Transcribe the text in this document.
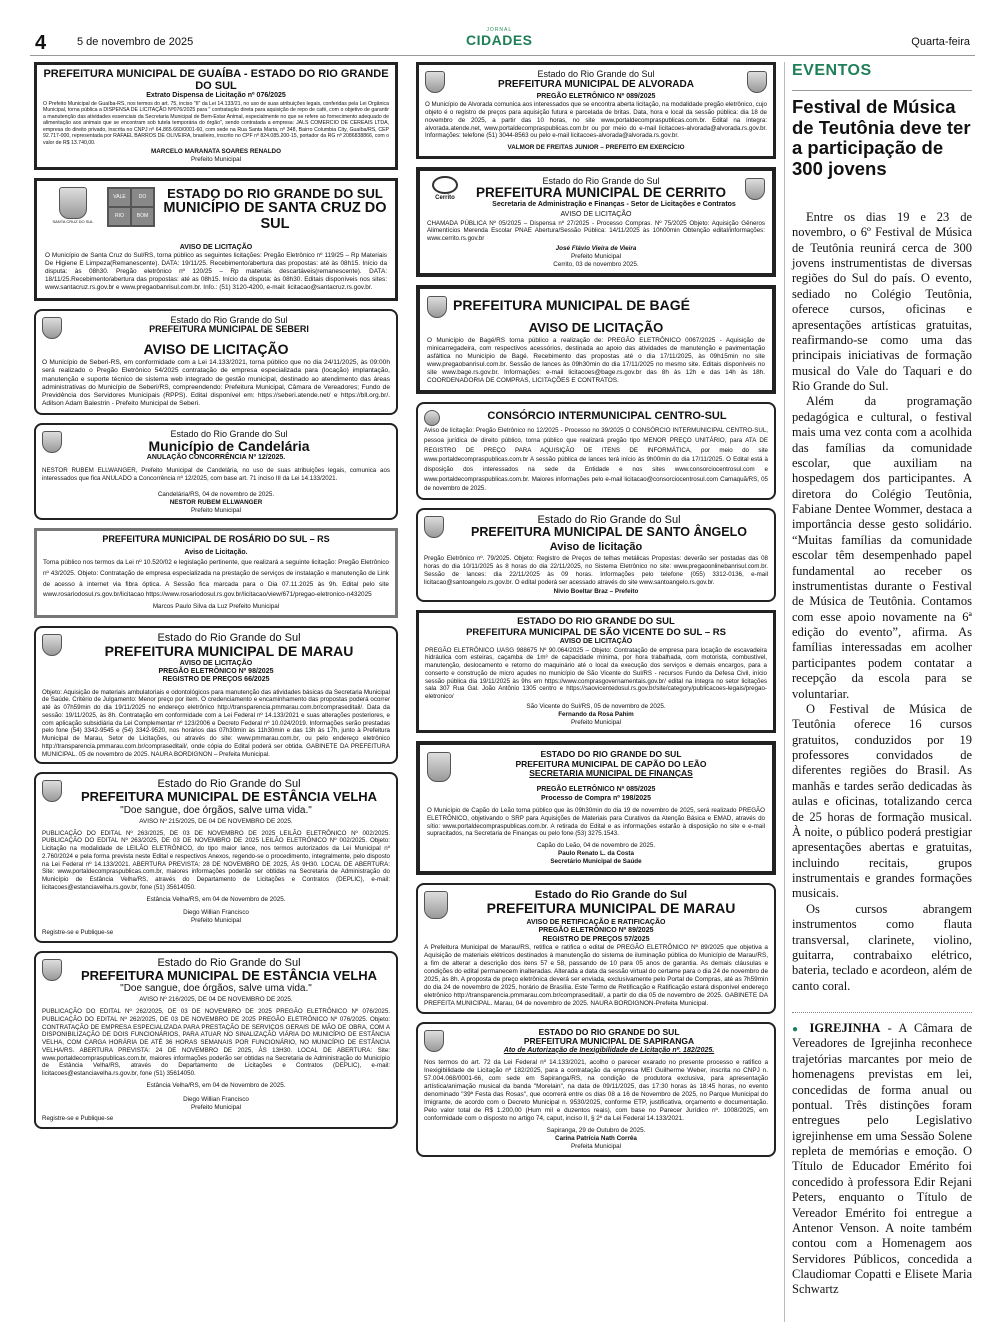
4	5 de novembro de 2025
JORNAL
CIDADES	Quarta-feira
PREFEITURA MUNICIPAL DE GUAÍBA - ESTADO DO RIO GRANDE DO SUL
Extrato Dispensa de Licitação nº 076/2025
O Prefeito Municipal de Guaíba-RS, nos termos do art. 75, inciso "II" da Lei 14.133/21, no uso de suas atribuições legais, conferidas pela Lei Orgânica Municipal, torna pública a DISPENSA DE LICITAÇÃO Nº076/2025 para " contratação direta para aquisição de repo de café, com o objetivo de garantir a manutenção das atividades essenciais da Secretaria Municipal de Bem-Estar Animal, especialmente no que se refere ao fornecimento adequado de alimentação aos animais que se encontram sob tutela temporária do órgão", sendo contratada a empresa: JALS COMERCIO DE CEREAIS LTDA, empresa do direito privado, inscrita no CNPJ nº 64.865.660/0001-60, com sede na Rua Santa Marta, nº 348, Bairro Columbia City, Guaíba/RS, CEP 92.717-000, representada por RAFAEL BARROS DE OLIVEIRA, brasileiro, inscrito no CPF nº 824.085.200-15, portador da RG nº 2086838866, com o valor de R$ 13.740,00.
MARCELO MARANATA SOARES RENALDO
Prefeito Municipal
SANTA CRUZ DO SUL
VALE	DO
RIO	BOM
ESTADO DO RIO GRANDE DO SUL
MUNICÍPIO DE SANTA CRUZ DO SUL
AVISO DE LICITAÇÃO
O Município de Santa Cruz do Sul/RS, torna público as seguintes licitações: Pregão Eletrônico nº 119/25 – Rp Materiais De Higiene E Limpeza(Remanescente). DATA: 19/11/25. Recebimento/abertura das propostas: até às 08h15. Início da disputa: às 08h30. Pregão eletrônico nº 120/25 – Rp materiais descartáveis(remanescente). DATA: 18/11/25.Recebimento/abertura das propostas: até as 08h15. Início da disputa: às 08h30. Editais disponíveis nos sites: www.santacruz.rs.gov.br e www.pregaobanrisul.com.br. Info.: (51) 3120-4200, e-mail: licitacao@santacruz.rs.gov.br.
Estado do Rio Grande do Sul
PREFEITURA MUNICIPAL DE SEBERI
AVISO DE LICITAÇÃO
O Município de Seberi-RS, em conformidade com a Lei 14.133/2021, torna público que no dia 24/11/2025, às 09:00h será realizado o Pregão Eletrônico 54/2025 contratação de empresa especializada para (locação) implantação, manutenção e suporte técnico de sistema web integrado de gestão municipal, destinado ao atendimento das áreas administrativas do Município de Seberi/RS, compreendendo: Prefeitura Municipal, Câmara de Vereadores; Fundo de Previdência dos Servidores Municipais (RPPS). Edital disponível em: https://seberi.atende.net/ e https://bll.org.br/. Adilson Adam Balestrin - Prefeito Municipal de Seberi.
Estado do Rio Grande do Sul
Município de Candelária
ANULAÇÃO CONCORRÊNCIA Nº 12/2025.
NESTOR RUBEM ELLWANGER, Prefeito Municipal de Candelária, no uso de suas atribuições legais, comunica aos interessados que fica ANULADO a Concorrência nº 12/2025, com base art. 71 inciso III da Lei 14.133/2021.
Candelária/RS, 04 de novembro de 2025.
NESTOR RUBEM ELLWANGER
Prefeito Municipal
PREFEITURA MUNICIPAL DE ROSÁRIO DO SUL – RS
Aviso de Licitação.
Torna público nos termos da Lei nº 10.520/02 e legislação pertinente, que realizará a seguinte licitação: Pregão Eletrônico nº 43/2025. Objeto: Contratação de empresa especializada na prestação de serviços de instalação e manutenção de Link de acesso à internet via fibra óptica. A Sessão fica marcada para o Dia 07.11.2025 às 9h. Edital pelo site www.rosariodosul.rs.gov.br/licitacao https://www.rosariodosul.rs.gov.br/licitacao/view/671/pregao-eletronico-n432025
Marcos Paulo Silva da Luz Prefeito Municipal
Estado do Rio Grande do Sul
PREFEITURA MUNICIPAL DE MARAU
AVISO DE LICITAÇÃO
PREGÃO ELETRÔNICO Nº 98/2025
REGISTRO DE PREÇOS 66/2025
Objeto: Aquisição de materiais ambulatoriais e odontológicos para manutenção das atividades básicas da Secretaria Municipal de Saúde. Critério de Julgamento: Menor preço por item. O credenciamento e encaminhamento das propostas poderá ocorrer até às 07h59min do dia 19/11/2025 no endereço eletrônico http://transparencia.pmmarau.com.br/compraseditail/. Data da sessão: 19/11/2025, às 8h. Contratação em conformidade com a Lei Federal nº 14.133/2021 e suas alterações posteriores, e com aplicação subsidiária da Lei Complementar nº 123/2006 e Decreto Federal nº 10.024/2019. Informações serão prestadas pelo fone (54) 3342-9545 e (54) 3342-9520, nos horários das 07h30min às 11h30min e das 13h às 17h, junto à Prefeitura Municipal de Marau, Setor de Licitações, ou através do site: www.pmmarau.com.br, ou pelo endereço eletrônico http://transparencia.pmmarau.com.br/compraseditail/, onde cópia do Edital poderá ser obtida. GABINETE DA PREFEITURA MUNICIPAL. 05 de novembro de 2025. NAURA BORDIGNON – Prefeita Municipal.
Estado do Rio Grande do Sul
PREFEITURA MUNICIPAL DE ESTÂNCIA VELHA
"Doe sangue, doe órgãos, salve uma vida."
AVISO Nº 215/2025, DE 04 DE NOVEMBRO DE 2025.
PUBLICAÇÃO DO EDITAL Nº 263/2025, DE 03 DE NOVEMBRO DE 2025 LEILÃO ELETRÔNICO Nº 002/2025. PUBLICAÇÃO DO EDITAL Nº 263/2025, DE 03 DE NOVEMBRO DE 2025 LEILÃO ELETRÔNICO Nº 002/2025. Objeto: Licitação na modalidade de LEILÃO ELETRÔNICO, do tipo maior lance, nos termos autorizados da Lei Municipal nº 2.760/2024 e pela forma prevista neste Edital e respectivos Anexos, regendo-se o procedimento, integralmente, pelo disposto na Lei Federal nº 14.133/2021. ABERTURA PREVISTA: 28 DE NOVEMBRO DE 2025, ÀS 9H30. LOCAL DE ABERTURA: Site: www.portaldecompraspublicas.com.br, maiores informações poderão ser obtidas na Secretaria de Administração do Município de Estância Velha/RS, através do Departamento de Licitações e Contratos (DEPLIC), e-mail: licitacoes@estanciavelha.rs.gov.br, fone (51) 35614050.
Estância Velha/RS, em 04 de Novembro de 2025.
Diego Willian Francisco
Prefeito Municipal
Registre-se e Publique-se
Estado do Rio Grande do Sul
PREFEITURA MUNICIPAL DE ESTÂNCIA VELHA
"Doe sangue, doe órgãos, salve uma vida."
AVISO Nº 216/2025, DE 04 DE NOVEMBRO DE 2025.
PUBLICAÇÃO DO EDITAL Nº 262/2025, DE 03 DE NOVEMBRO DE 2025 PREGÃO ELETRÔNICO Nº 076/2025. PUBLICAÇÃO DO EDITAL Nº 262/2025, DE 03 DE NOVEMBRO DE 2025 PREGÃO ELETRÔNICO Nº 076/2025. Objeto: CONTRATAÇÃO DE EMPRESA ESPECIALIZADA PARA PRESTAÇÃO DE SERVIÇOS GERAIS DE MÃO DE OBRA, COM A DISPONIBILIZAÇÃO DE DOIS FUNCIONÁRIOS, PARA ATUAR NO SINALIZAÇÃO VIÁRIA DO MUNICÍPIO DE ESTÂNCIA VELHA, COM CARGA HORÁRIA DE ATÉ 36 HORAS SEMANAIS POR FUNCIONÁRIO, NO MUNICÍPIO DE ESTÂNCIA VELHA/RS. ABERTURA PREVISTA: 24 DE NOVEMBRO DE 2025, ÀS 13H30. LOCAL DE ABERTURA: Site: www.portaldecompraspublicas.com.br, maiores informações poderão ser obtidas na Secretaria de Administração do Município de Estância Velha/RS, através do Departamento de Licitações e Contratos (DEPLIC), e-mail: licitacoes@estanciavelha.rs.gov.br, fone (51) 35614050.
Estância Velha/RS, em 04 de Novembro de 2025.
Diego Willian Francisco
Prefeito Municipal
Registre-se e Publique-se
Estado do Rio Grande do Sul
PREFEITURA MUNICIPAL DE ALVORADA
PREGÃO ELETRÔNICO Nº 089/2025
O Município de Alvorada comunica aos interessados que se encontra aberta licitação, na modalidade pregão eletrônico, cujo objeto é o registro de preços para aquisição futura e parcelada de britas. Data, hora e local da sessão pública: dia 18 de novembro de 2025, a partir das 10 horas, no site www.portaldecompraspublicas.com.br. Edital na íntegra: alvorada.atende.net, www.portaldecompraspublicas.com.br ou por meio do e-mail licitacoes-alvorada@alvorada.rs.gov.br. Informações: telefone (51) 3044-8563 ou pelo e-mail licitacoes-alvorada@alvorada.rs.gov.br.
VALMOR DE FREITAS JUNIOR – PREFEITO EM EXERCÍCIO
Cerrito
Estado do Rio Grande do Sul
PREFEITURA MUNICIPAL DE CERRITO
Secretaria de Administração e Finanças - Setor de Licitações e Contratos
AVISO DE LICITAÇÃO
CHAMADA PÚBLICA Nº 05/2025 – Dispensa nº 27/2025 - Processo Compras. Nº 75/2025 Objeto: Aquisição Gêneros Alimentícios Merenda Escolar PNAE Abertura/Sessão Pública: 14/11/2025 às 10h00min Obtenção edital/informações: www.cerrito.rs.gov.br
José Flávio Vieira de Vieira
Prefeito Municipal
Cerrito, 03 de novembro 2025.
PREFEITURA MUNICIPAL DE BAGÉ
AVISO DE LICITAÇÃO
O Município de Bagé/RS torna público a realização de: PREGÃO ELETRÔNICO 0067/2025 - Aquisição de minicarregadeira, com respectivos acessórios, destinada ao apoio das atividades de manutenção e pavimentação asfáltica no Município de Bagé. Recebimento das propostas até o dia 17/11/2025, às 09h15min no site www.pregaobanrisul.com.br. Sessão de lances às 09h30min do dia 17/11/2025 no mesmo site. Editais disponíveis no site www.bage.rs.gov.br. Informações: e-mail licitacoes@bage.rs.gov.br das 8h às 12h e das 14h às 18h. COORDENADORIA DE COMPRAS, LICITAÇÕES E CONTRATOS.
CONSÓRCIO INTERMUNICIPAL CENTRO-SUL
Aviso de licitação: Pregão Eletrônico no 12/2025 - Processo no 39/2025 O CONSÓRCIO INTERMUNICIPAL CENTRO-SUL, pessoa jurídica de direito público, torna público que realizará pregão tipo MENOR PREÇO UNITÁRIO, para ATA DE REGISTRO DE PREÇO PARA AQUISIÇÃO DE ITENS DE INFORMÁTICA, por meio do site www.portaldecompraspublicas.com.br A sessão pública de lances terá início às 9h00min do dia 17/11/2025. O Edital está à disposição dos interessados na sede da Entidade e nos sites www.consorciocentrosul.com e www.portaldecompraspublicas.com.br. Maiores informações pelo e-mail licitacao@consorciocentrosul.com Camaquã/RS, 05 de novembro de 2025.
Estado do Rio Grande do Sul
PREFEITURA MUNICIPAL DE SANTO ÂNGELO
Aviso de licitação
Pregão Eletrônico nº. 79/2025. Objeto: Registro de Preços de telhas metálicas Propostas: deverão ser postadas das 08 horas do dia 10/11/2025 às 8 horas do dia 22/11/2025, no Sistema Eletrônico no site: www.pregaoonlinebanrisul.com.br. Sessão de lances: dia 22/11/2025 às 09 horas. Informações pelo telefone (055) 3312-0136, e-mail licitacao@santoangelo.rs.gov.br. O edital poderá ser acessado através do site www.santoangelo.rs.gov.br.
Nivio Boeltar Braz – Prefeito
ESTADO DO RIO GRANDE DO SUL
PREFEITURA MUNICIPAL DE SÃO VICENTE DO SUL – RS
AVISO DE LICITAÇÃO
PREGÃO ELETRÔNICO UASG 988675 Nº 90.064/2025 – Objeto: Contratação de empresa para locação de escavadeira hidráulica com esteiras, caçamba de 1m³ de capacidade mínima, por hora trabalhada, com motorista, combustível, manutenção, deslocamento e retorno do maquinário até o local da execução dos serviços e demais encargos, para a conserto e construção de micro açudes no município de São Vicente do Sul/RS - recursos Fundo da Defesa Civil, início sessão pública dia 19/11/2025 às 9hs em https://www.comprasgovernamentais.gov.br/ edital na íntegra no setor licitações sala 307 Rua Gal. João Antônio 1305 centro e https://saovicentedosul.rs.gov.br/site/category/publicacoes-legais/pregao-eletronico/
São Vicente do Sul/RS, 05 de novembro de 2025.
Fernando da Rosa Pahim
Prefeito Municipal
ESTADO DO RIO GRANDE DO SUL
PREFEITURA MUNICIPAL DE CAPÃO DO LEÃO
SECRETARIA MUNICIPAL DE FINANÇAS
PREGÃO ELETRÔNICO Nº 085/2025
Processo de Compra nº 198/2025
O Município de Capão do Leão torna público que às 09h30min do dia 19 de novembro de 2025, será realizado PREGÃO ELETRÔNICO, objetivando o SRP para Aquisições de Materiais para Curativos da Atenção Básica e EMAD, através do sítio: www.portaldecompraspublicas.com.br. A retirada do Edital e as informações estarão à disposição no site e e-mail supracitados, na Secretaria de Finanças ou pelo fone (53) 3275.1543.
Capão do Leão, 04 de novembro de 2025.
Paulo Renato L. da Costa
Secretário Municipal de Saúde
Estado do Rio Grande do Sul
PREFEITURA MUNICIPAL DE MARAU
AVISO DE RETIFICAÇÃO E RATIFICAÇÃO
PREGÃO ELETRÔNICO Nº 89/2025
REGISTRO DE PREÇOS 57/2025
A Prefeitura Municipal de Marau/RS, retifica e ratifica o edital de PREGÃO ELETRÔNICO Nº 89/2025 que objetiva a Aquisição de materiais elétricos destinados à manutenção do sistema de iluminação pública do Município de Marau/RS, a fim de alterar a descrição dos itens 57 e 58, passando de 10 para 05 anos de garantia. As demais cláusulas e condições do edital permanecem inalteradas. Alterada a data da sessão virtual do certame para o dia 24 de novembro de 2025, às 8h. A proposta de preço eletrônica deverá ser enviada, exclusivamente pelo Portal de Compras, até as 7h59min do dia 24 de novembro de 2025, horário de Brasília. Este Termo de Retificação e Ratificação estará disponível endereço eletrônico http://transparencia.pmmarau.com.br/compraseditail/, a partir do dia 05 de novembro de 2025. GABINETE DA PREFEITA MUNICIPAL. Marau, 04 de novembro de 2025. NAURA BORDIGNON-Prefeita Municipal.
ESTADO DO RIO GRANDE DO SUL
PREFEITURA MUNICIPAL DE SAPIRANGA
Ato de Autorização de Inexigibilidade de Licitação nº. 182/2025.
Nos termos do art. 72 da Lei Federal nº 14.133/2021, acolho o parecer exarado no presente processo e ratifico a Inexigibilidade de Licitação nº 182/2025, para a contratação da empresa MEI Guilherme Weber, inscrita no CNPJ n. 57.004.068/0001-66, com sede em Sapiranga/RS, na condição de produtora exclusiva, para apresentação artística/animação musical da banda "Morelain", na data de 09/11/2025, das 17:30 horas às 18:45 horas, no evento denominado "39ª Festa das Rosas", que ocorrerá entre os dias 08 a 16 de Novembro de 2025, no Parque Municipal do Imigrante, de acordo com o Decreto Municipal n. 9530/2025, conforme ETP, justificativa, orçamento e documentação. Pelo valor total de R$ 1.200,00 (Hum mil e duzentos reais), com base no Parecer Jurídico nº. 1008/2025, em conformidade com o disposto no artigo 74, caput, inciso II, § 2º da Lei Federal 14.133/2021.
Sapiranga, 29 de Outubro de 2025.
Carina Patrícia Nath Corrêa
Prefeita Municipal
EVENTOS
Festival de Música de Teutônia deve ter a participação de 300 jovens

Entre os dias 19 e 23 de novembro, o 6º Festival de Música de Teutônia reunirá cerca de 300 jovens instrumentistas de diversas regiões do Sul do país. O evento, sediado no Colégio Teutônia, oferece cursos, oficinas e apresentações artísticas gratuitas, reafirmando-se como uma das principais iniciativas de formação musical do Vale do Taquari e do Rio Grande do Sul.

Além da programação pedagógica e cultural, o festival mais uma vez conta com a acolhida das famílias da comunidade escolar, que auxiliam na hospedagem dos participantes. A diretora do Colégio Teutônia, Fabiane Dentee Wommer, destaca a importância desse gesto solidário. “Muitas famílias da comunidade escolar têm desempenhado papel fundamental ao receber os instrumentistas durante o Festival de Música de Teutônia. Contamos com esse apoio novamente na 6ª edição do evento”, afirma. As famílias interessadas em acolher participantes podem contatar a recepção da escola para se voluntariar.

O Festival de Música de Teutônia oferece 16 cursos gratuitos, conduzidos por 19 professores convidados de diferentes regiões do Brasil. As manhãs e tardes serão dedicadas às aulas e oficinas, totalizando cerca de 25 horas de formação musical. À noite, o público poderá prestigiar apresentações abertas e gratuitas, incluindo recitais, grupos instrumentais e grandes formações musicais.

Os cursos abrangem instrumentos como flauta transversal, clarinete, violino, guitarra, contrabaixo elétrico, bateria, teclado e acordeon, além de canto coral.

● IGREJINHA - A Câmara de Vereadores de Igrejinha reconhece trajetórias marcantes por meio de homenagens previstas em lei, concedidas de forma anual ou pontual. Três distinções foram entregues pelo Legislativo igrejinhense em uma Sessão Solene repleta de memórias e emoção. O Título de Educador Emérito foi concedido à professora Edir Rejani Peters, enquanto o Título de Vereador Emérito foi entregue a Antenor Venson. A noite também contou com a Homenagem aos Servidores Públicos, concedida a Claudiomar Copatti e Elisete Maria Schwartz
